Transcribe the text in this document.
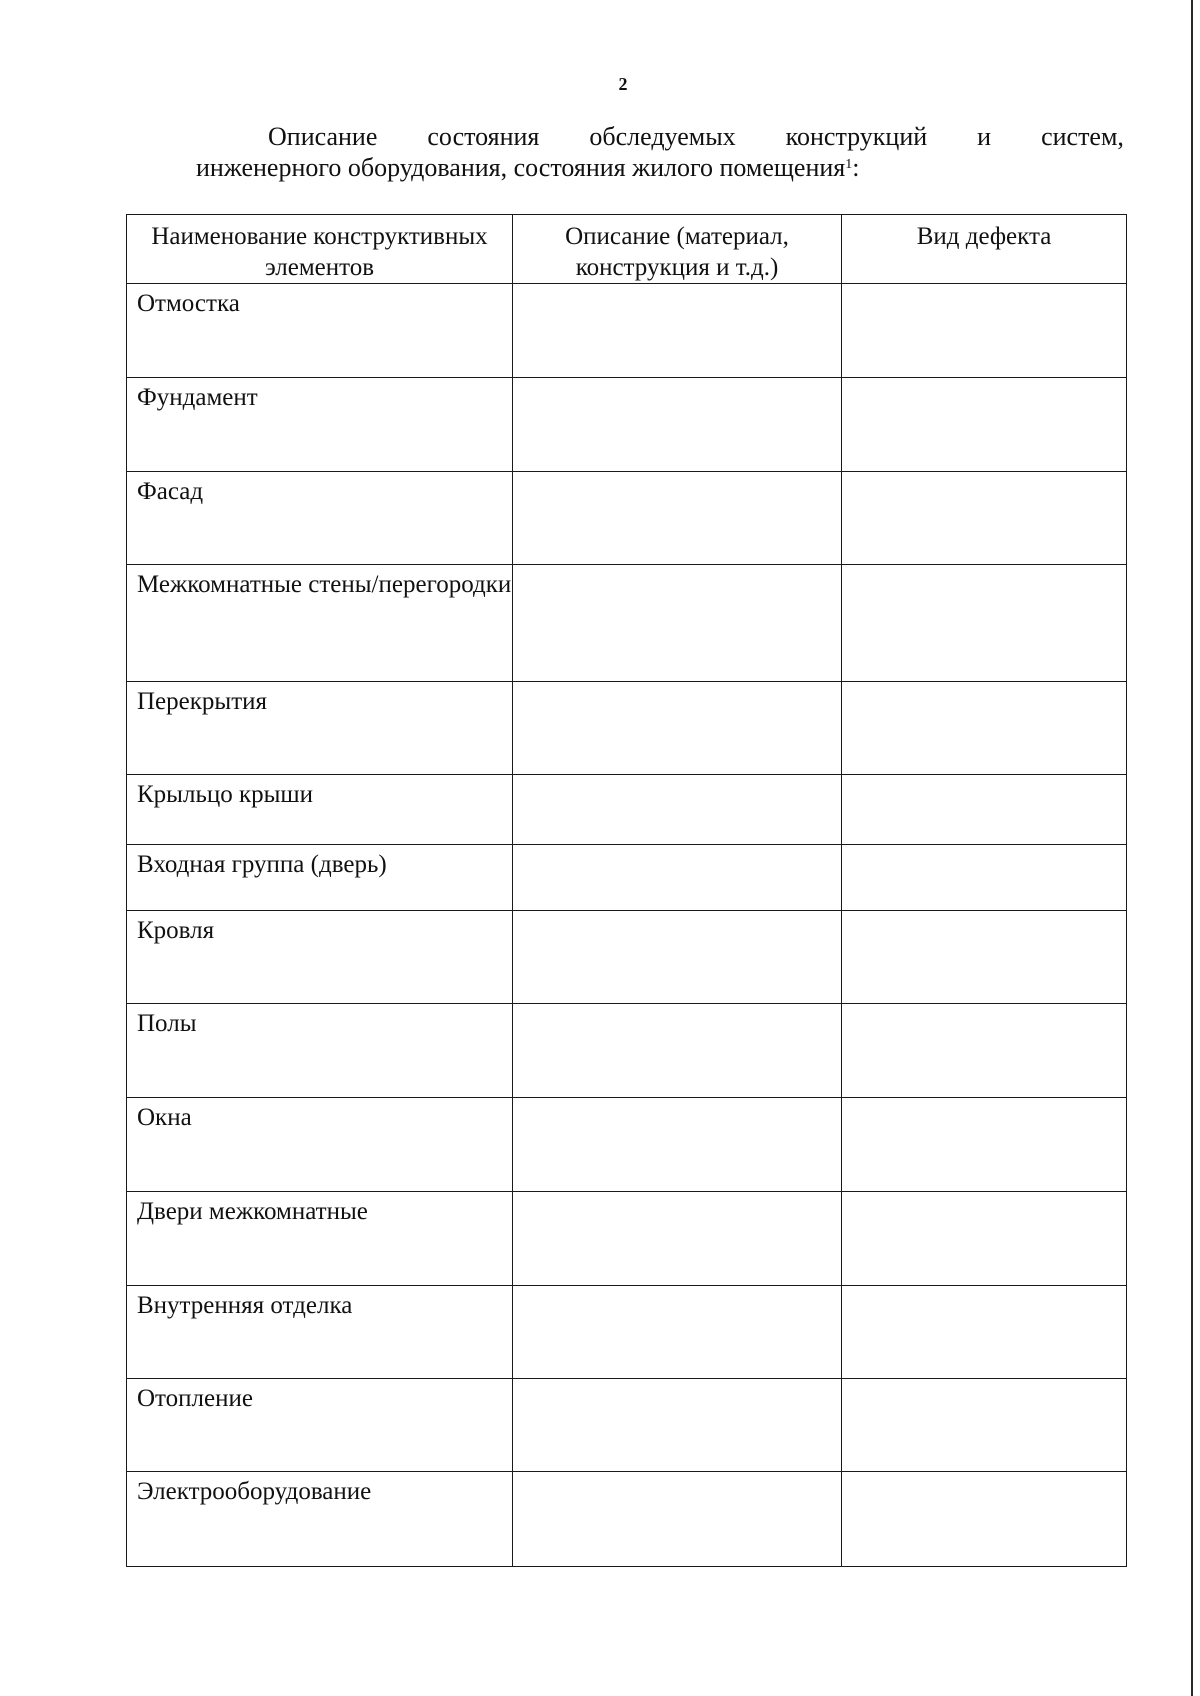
2
Описание состояния обследуемых конструкций и систем,
инженерного оборудования, состояния жилого помещения$^1$:
Наименование конструктивных элементов	Описание (материал, конструкция и т.д.)	Вид дефекта
Отмостка		
Фундамент		
Фасад		
Межкомнатные стены/перегородки		
Перекрытия		
Крыльцо крыши		
Входная группа (дверь)		
Кровля		
Полы		
Окна		
Двери межкомнатные		
Внутренняя отделка		
Отопление		
Электрооборудование		
